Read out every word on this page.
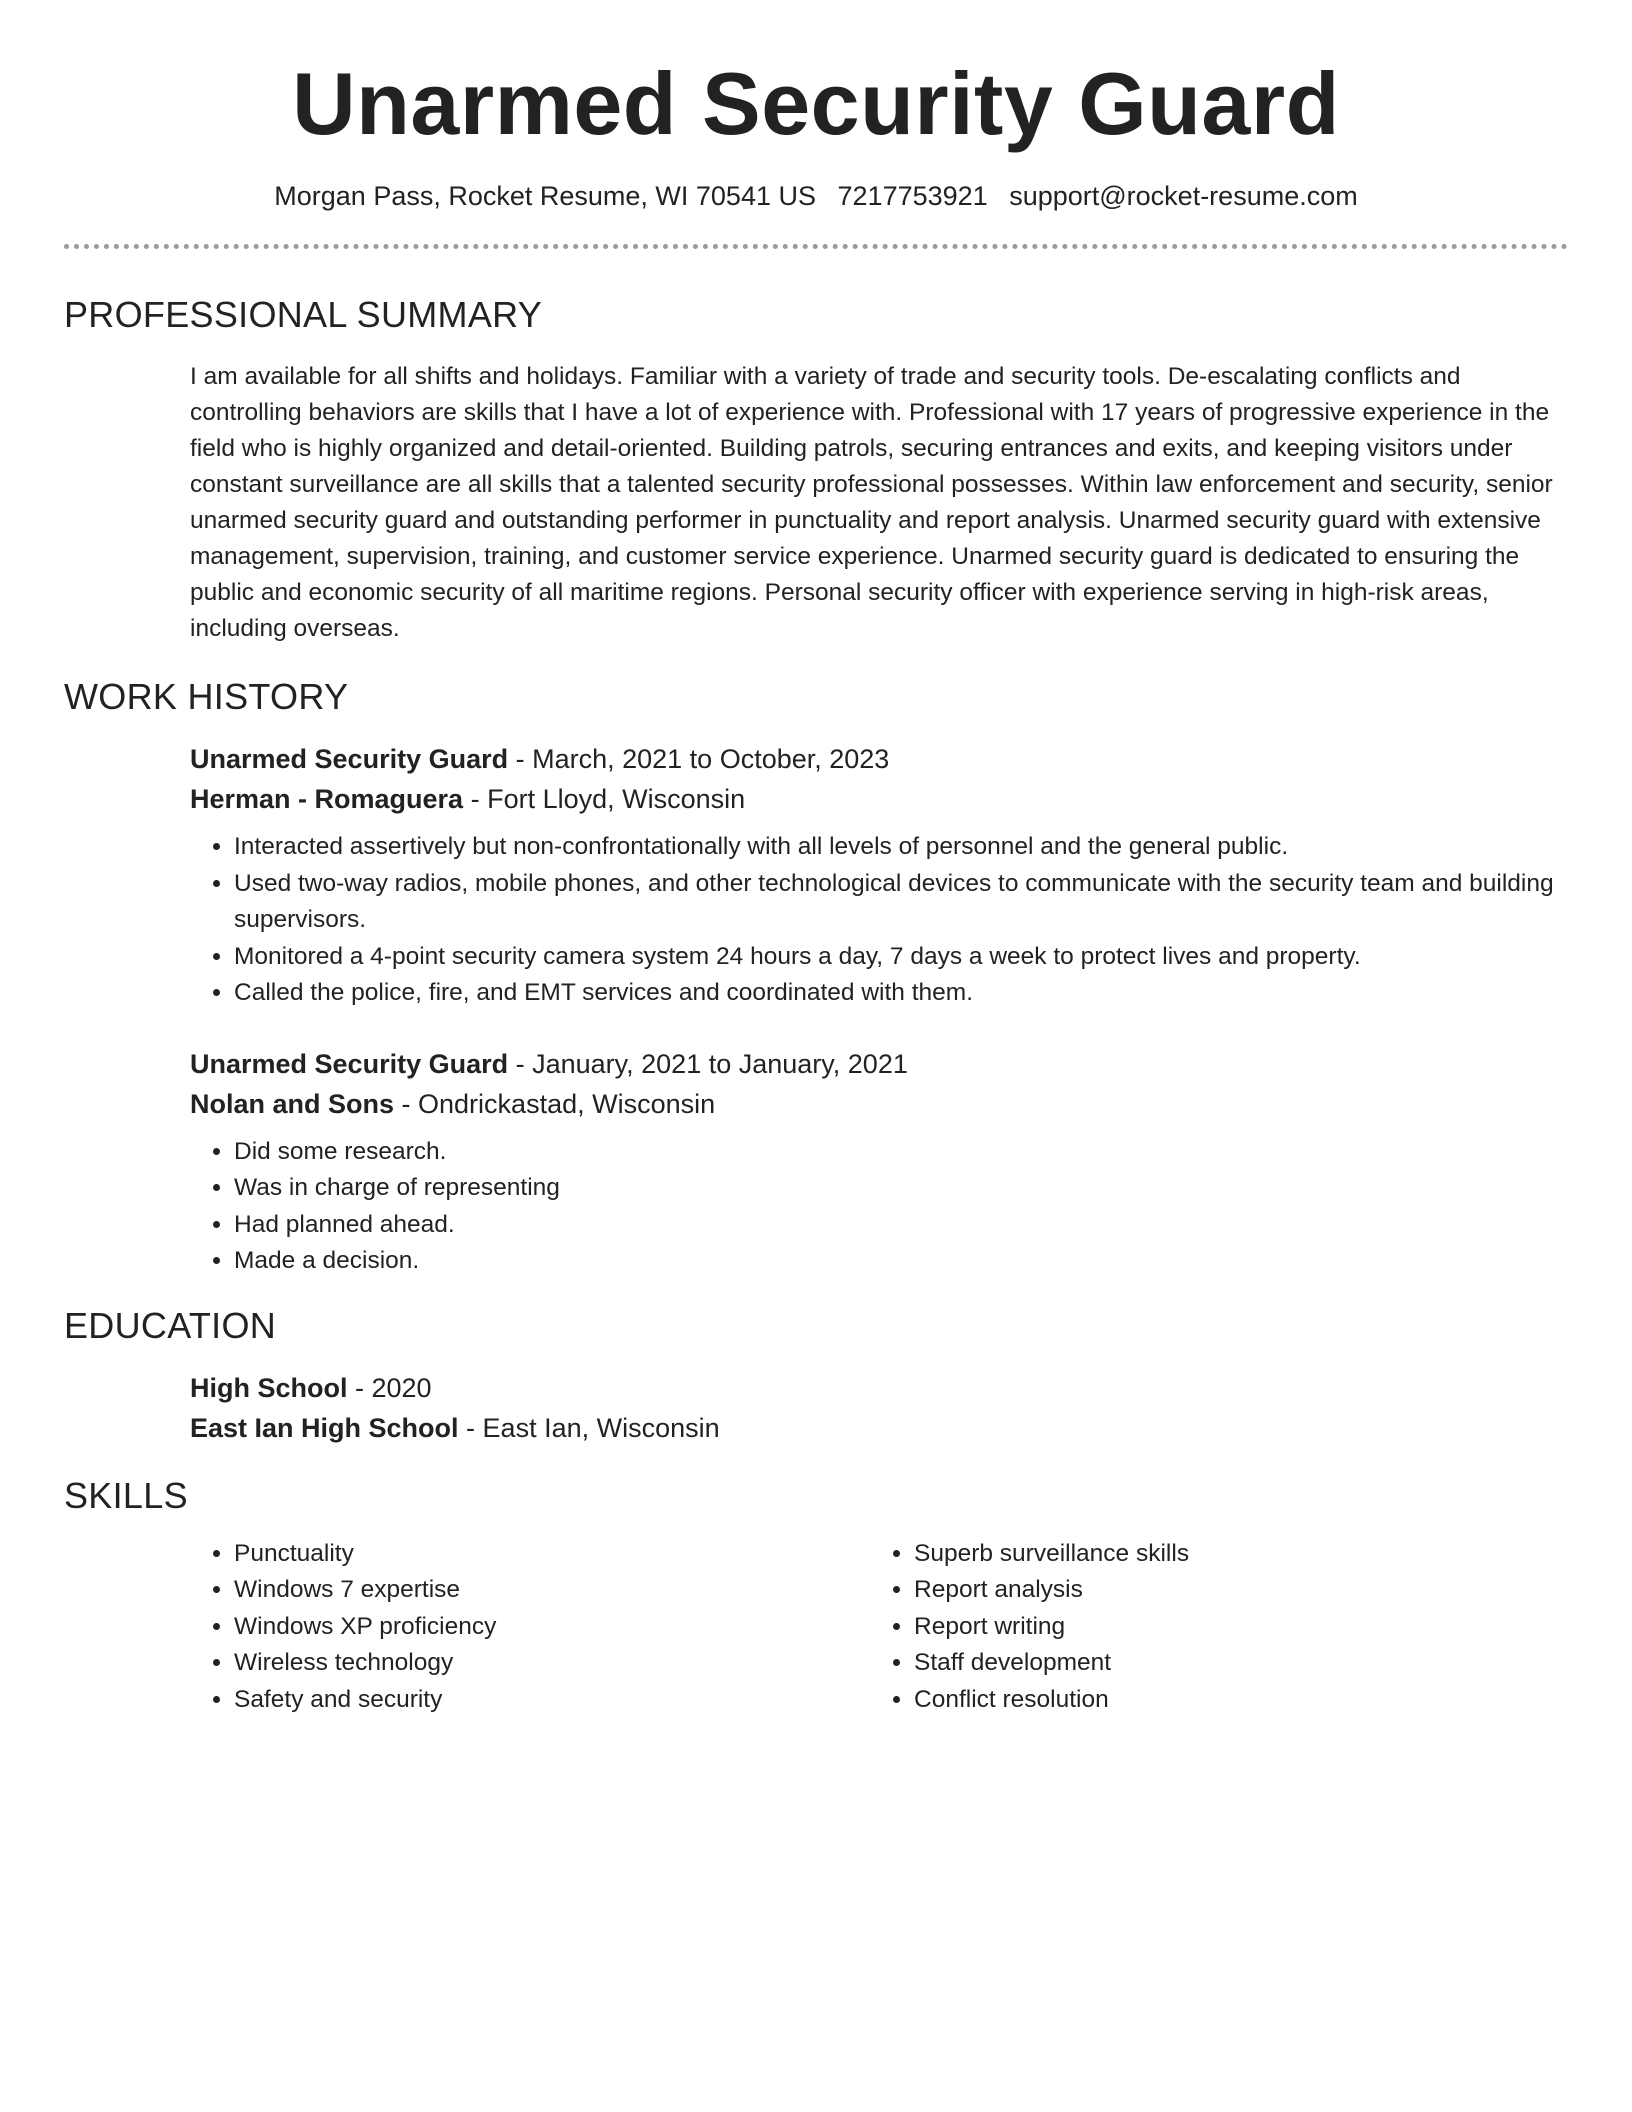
Unarmed Security Guard
Morgan Pass, Rocket Resume, WI 70541 US 7217753921 support@rocket-resume.com
PROFESSIONAL SUMMARY

I am available for all shifts and holidays. Familiar with a variety of trade and security tools. De-escalating conflicts and controlling behaviors are skills that I have a lot of experience with. Professional with 17 years of progressive experience in the field who is highly organized and detail-oriented. Building patrols, securing entrances and exits, and keeping visitors under constant surveillance are all skills that a talented security professional possesses. Within law enforcement and security, senior unarmed security guard and outstanding performer in punctuality and report analysis. Unarmed security guard with extensive management, supervision, training, and customer service experience. Unarmed security guard is dedicated to ensuring the public and economic security of all maritime regions. Personal security officer with experience serving in high-risk areas, including overseas.

WORK HISTORY

Unarmed Security Guard - March, 2021 to October, 2023

Herman - Romaguera - Fort Lloyd, Wisconsin

• Interacted assertively but non-confrontationally with all levels of personnel and the general public.
• Used two-way radios, mobile phones, and other technological devices to communicate with the security team and building supervisors.
• Monitored a 4-point security camera system 24 hours a day, 7 days a week to protect lives and property.
• Called the police, fire, and EMT services and coordinated with them.

Unarmed Security Guard - January, 2021 to January, 2021

Nolan and Sons - Ondrickastad, Wisconsin

• Did some research.
• Was in charge of representing
• Had planned ahead.
• Made a decision.
EDUCATION

High School - 2020

East Ian High School - East Ian, Wisconsin

SKILLS
• Punctuality
• Windows 7 expertise
• Windows XP proficiency
• Wireless technology
• Safety and security
• Superb surveillance skills
• Report analysis
• Report writing
• Staff development
• Conflict resolution
